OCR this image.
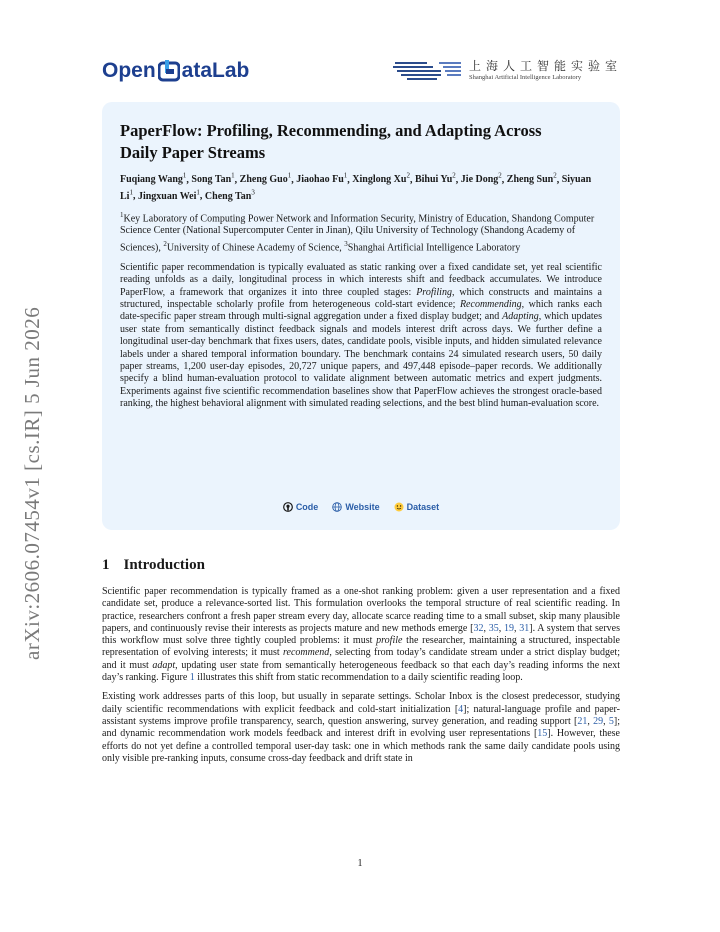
Open ataLab	上海人工智能实验室
Shanghai Artificial Intelligence Laboratory
arXiv:2606.07454v1 [cs.IR] 5 Jun 2026
PaperFlow: Profiling, Recommending, and Adapting Across
Daily Paper Streams
Fuqiang Wang$^1$, Song Tan$^1$, Zheng Guo$^1$, Jiaohao Fu$^1$, Xinglong Xu$^2$, Bihui Yu$^2$, Jie Dong$^2$, Zheng Sun$^2$, Siyuan Li$^1$, Jingxuan Wei$^1$, Cheng Tan$^3$
$^1$Key Laboratory of Computing Power Network and Information Security, Ministry of Education, Shandong Computer Science Center (National Supercomputer Center in Jinan), Qilu University of Technology (Shandong Academy of Sciences), $^2$University of Chinese Academy of Science, $^3$Shanghai Artificial Intelligence Laboratory

Scientific paper recommendation is typically evaluated as static ranking over a fixed candidate set, yet real scientific reading unfolds as a daily, longitudinal process in which interests shift and feedback accumulates. We introduce PaperFlow, a framework that organizes it into three coupled stages: Profiling, which constructs and maintains a structured, inspectable scholarly profile from heterogeneous cold-start evidence; Recommending, which ranks each date-specific paper stream through multi-signal aggregation under a fixed display budget; and Adapting, which updates user state from semantically distinct feedback signals and models interest drift across days. We further define a longitudinal user-day benchmark that fixes users, dates, candidate pools, visible inputs, and hidden simulated relevance labels under a shared temporal information boundary. The benchmark contains 24 simulated research users, 50 daily paper streams, 1,200 user-day episodes, 20,727 unique papers, and 497,448 episode–paper records. We additionally specify a blind human-evaluation protocol to validate alignment between automatic metrics and expert judgments. Experiments against five scientific recommendation baselines show that PaperFlow achieves the strongest oracle-based ranking, the highest behavioral alignment with simulated reading selections, and the best blind human-evaluation score.

Code	Website	Dataset
1 Introduction

Scientific paper recommendation is typically framed as a one-shot ranking problem: given a user representation and a fixed candidate set, produce a relevance-sorted list. This formulation overlooks the temporal structure of real scientific reading. In practice, researchers confront a fresh paper stream every day, allocate scarce reading time to a small subset, skip many plausible papers, and continuously revise their interests as projects mature and new methods emerge [32, 35, 19, 31]. A system that serves this workflow must solve three tightly coupled problems: it must profile the researcher, maintaining a structured, inspectable representation of evolving interests; it must recommend, selecting from today’s candidate stream under a strict display budget; and it must adapt, updating user state from semantically heterogeneous feedback so that each day’s reading informs the next day’s ranking. Figure 1 illustrates this shift from static recommendation to a daily scientific reading loop.

Existing work addresses parts of this loop, but usually in separate settings. Scholar Inbox is the closest predecessor, studying daily scientific recommendations with explicit feedback and cold-start initialization [4]; natural-language profile and paper-assistant systems improve profile transparency, search, question answering, survey generation, and reading support [21, 29, 5]; and dynamic recommendation work models feedback and interest drift in evolving user representations [15]. However, these efforts do not yet define a controlled temporal user-day task: one in which methods rank the same daily candidate pools using only visible pre-ranking inputs, consume cross-day feedback and drift state in

1
